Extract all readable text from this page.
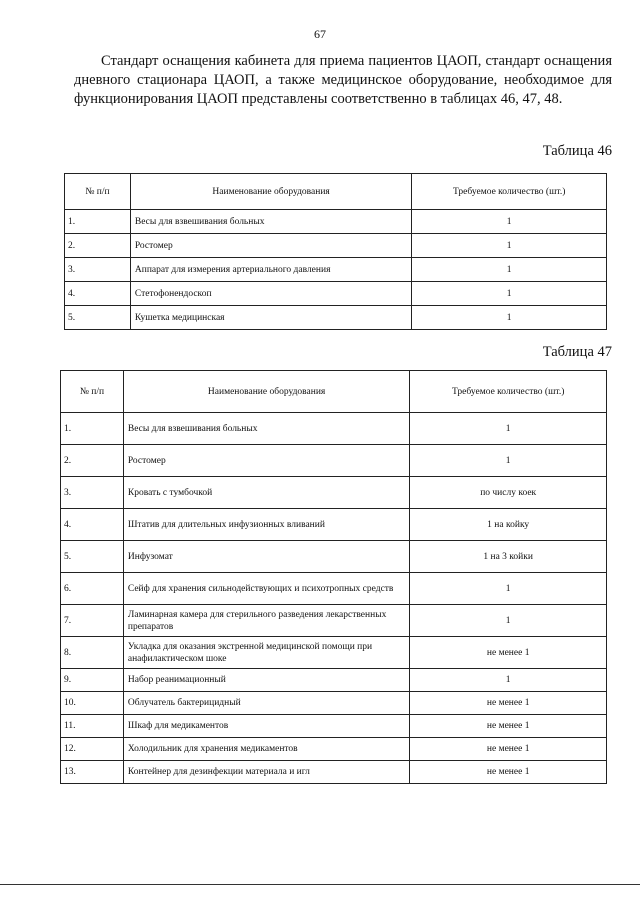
67

Стандарт оснащения кабинета для приема пациентов ЦАОП, стандарт оснащения дневного стационара ЦАОП, а также медицинское оборудование, необходимое для функционирования ЦАОП представлены соответственно в таблицах 46, 47, 48.

Таблица 46
№ п/п	Наименование оборудования	Требуемое количество (шт.)
1.	Весы для взвешивания больных	1
2.	Ростомер	1
3.	Аппарат для измерения артериального давления	1
4.	Стетофонендоскоп	1
5.	Кушетка медицинская	1
Таблица 47
№ п/п	Наименование оборудования	Требуемое количество (шт.)
1.	Весы для взвешивания больных	1
2.	Ростомер	1
3.	Кровать с тумбочкой	по числу коек
4.	Штатив для длительных инфузионных вливаний	1 на койку
5.	Инфузомат	1 на 3 койки
6.	Сейф для хранения сильнодействующих и психотропных средств	1
7.	Ламинарная камера для стерильного разведения лекарственных препаратов	1
8.	Укладка для оказания экстренной медицинской помощи при анафилактическом шоке	не менее 1
9.	Набор реанимационный	1
10.	Облучатель бактерицидный	не менее 1
11.	Шкаф для медикаментов	не менее 1
12.	Холодильник для хранения медикаментов	не менее 1
13.	Контейнер для дезинфекции материала и игл	не менее 1
